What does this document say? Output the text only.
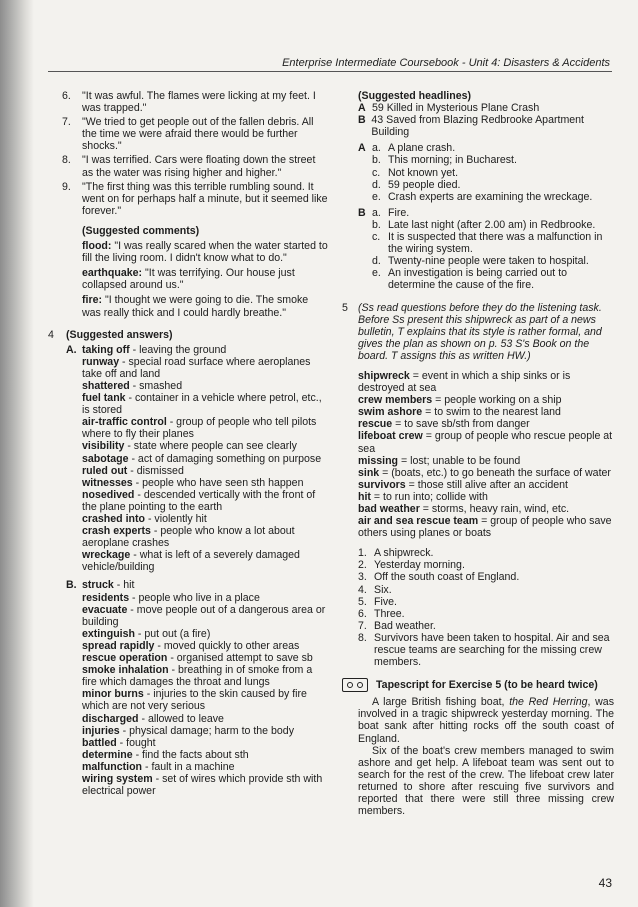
Enterprise Intermediate Coursebook - Unit 4: Disasters & Accidents
6.	"It was awful. The flames were licking at my feet. I was trapped."
7.	"We tried to get people out of the fallen debris. All the time we were afraid there would be further shocks."
8.	"I was terrified. Cars were floating down the street as the water was rising higher and higher."
9.	"The first thing was this terrible rumbling sound. It went on for perhaps half a minute, but it seemed like forever."
(Suggested comments)
flood: "I was really scared when the water started to fill the living room. I didn't know what to do."
earthquake: "It was terrifying. Our house just collapsed around us."
fire: "I thought we were going to die. The smoke was really thick and I could hardly breathe."
4 (Suggested answers)
A. taking off - leaving the ground
runway - special road surface where aeroplanes take off and land
shattered - smashed
fuel tank - container in a vehicle where petrol, etc., is stored
air-traffic control - group of people who tell pilots where to fly their planes
visibility - state where people can see clearly
sabotage - act of damaging something on purpose
ruled out - dismissed
witnesses - people who have seen sth happen
nosedived - descended vertically with the front of the plane pointing to the earth
crashed into - violently hit
crash experts - people who know a lot about aeroplane crashes
wreckage - what is left of a severely damaged vehicle/building
B. struck - hit
residents - people who live in a place
evacuate - move people out of a dangerous area or building
extinguish - put out (a fire)
spread rapidly - moved quickly to other areas
rescue operation - organised attempt to save sb
smoke inhalation - breathing in of smoke from a fire which damages the throat and lungs
minor burns - injuries to the skin caused by fire which are not very serious
discharged - allowed to leave
injuries - physical damage; harm to the body
battled - fought
determine - find the facts about sth
malfunction - fault in a machine
wiring system - set of wires which provide sth with electrical power
(Suggested headlines)
A 59 Killed in Mysterious Plane Crash
B 43 Saved from Blazing Redbrooke Apartment Building
A a. A plane crash.
b. This morning; in Bucharest.
c. Not known yet.
d. 59 people died.
e. Crash experts are examining the wreckage.
B a. Fire.
b. Late last night (after 2.00 am) in Redbrooke.
c. It is suspected that there was a malfunction in the wiring system.
d. Twenty-nine people were taken to hospital.
e. An investigation is being carried out to determine the cause of the fire.
5 (Ss read questions before they do the listening task. Before Ss present this shipwreck as part of a news bulletin, T explains that its style is rather formal, and gives the plan as shown on p. 53 S's Book on the board. T assigns this as written HW.)
shipwreck = event in which a ship sinks or is destroyed at sea
crew members = people working on a ship
swim ashore = to swim to the nearest land
rescue = to save sb/sth from danger
lifeboat crew = group of people who rescue people at sea
missing = lost; unable to be found
sink = (boats, etc.) to go beneath the surface of water
survivors = those still alive after an accident
hit = to run into; collide with
bad weather = storms, heavy rain, wind, etc.
air and sea rescue team = group of people who save others using planes or boats
1. A shipwreck.
2. Yesterday morning.
3. Off the south coast of England.
4. Six.
5. Five.
6. Three.
7. Bad weather.
8. Survivors have been taken to hospital. Air and sea rescue teams are searching for the missing crew members.
Tapescript for Exercise 5 (to be heard twice)

A large British fishing boat, the Red Herring, was involved in a tragic shipwreck yesterday morning. The boat sank after hitting rocks off the south coast of England.

Six of the boat's crew members managed to swim ashore and get help. A lifeboat team was sent out to search for the rest of the crew. The lifeboat crew later returned to shore after rescuing five survivors and reported that there were still three missing crew members.

43
